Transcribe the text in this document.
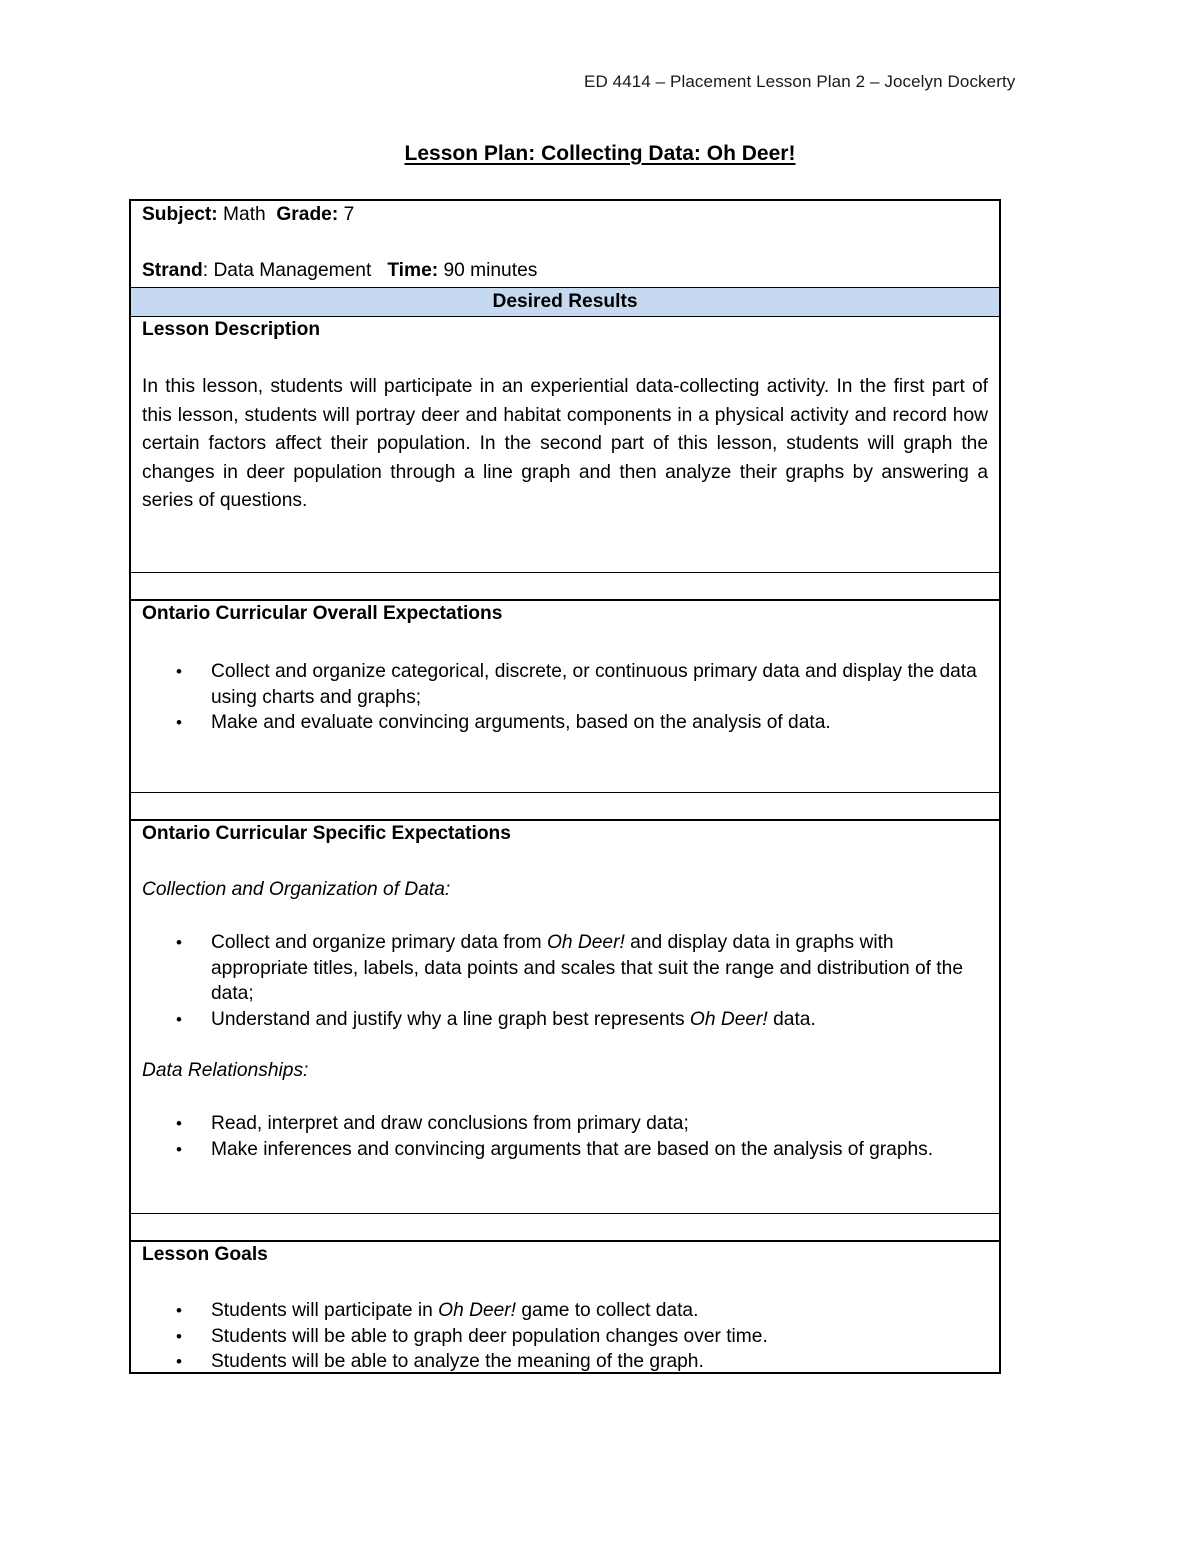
ED 4414 – Placement Lesson Plan 2 – Jocelyn Dockerty
Lesson Plan: Collecting Data: Oh Deer!

Subject: Math Grade: 7

Strand: Data Management Time: 90 minutes

Desired Results

Lesson Description

In this lesson, students will participate in an experiential data-collecting activity. In the first part of this lesson, students will portray deer and habitat components in a physical activity and record how certain factors affect their population. In the second part of this lesson, students will graph the changes in deer population through a line graph and then analyze their graphs by answering a series of questions.

Ontario Curricular Overall Expectations

• Collect and organize categorical, discrete, or continuous primary data and display the data using charts and graphs;
• Make and evaluate convincing arguments, based on the analysis of data.

Ontario Curricular Specific Expectations

Collection and Organization of Data:

• Collect and organize primary data from Oh Deer! and display data in graphs with appropriate titles, labels, data points and scales that suit the range and distribution of the data;
• Understand and justify why a line graph best represents Oh Deer! data.

Data Relationships:

• Read, interpret and draw conclusions from primary data;
• Make inferences and convincing arguments that are based on the analysis of graphs.

Lesson Goals

• Students will participate in Oh Deer! game to collect data.
• Students will be able to graph deer population changes over time.
• Students will be able to analyze the meaning of the graph.
